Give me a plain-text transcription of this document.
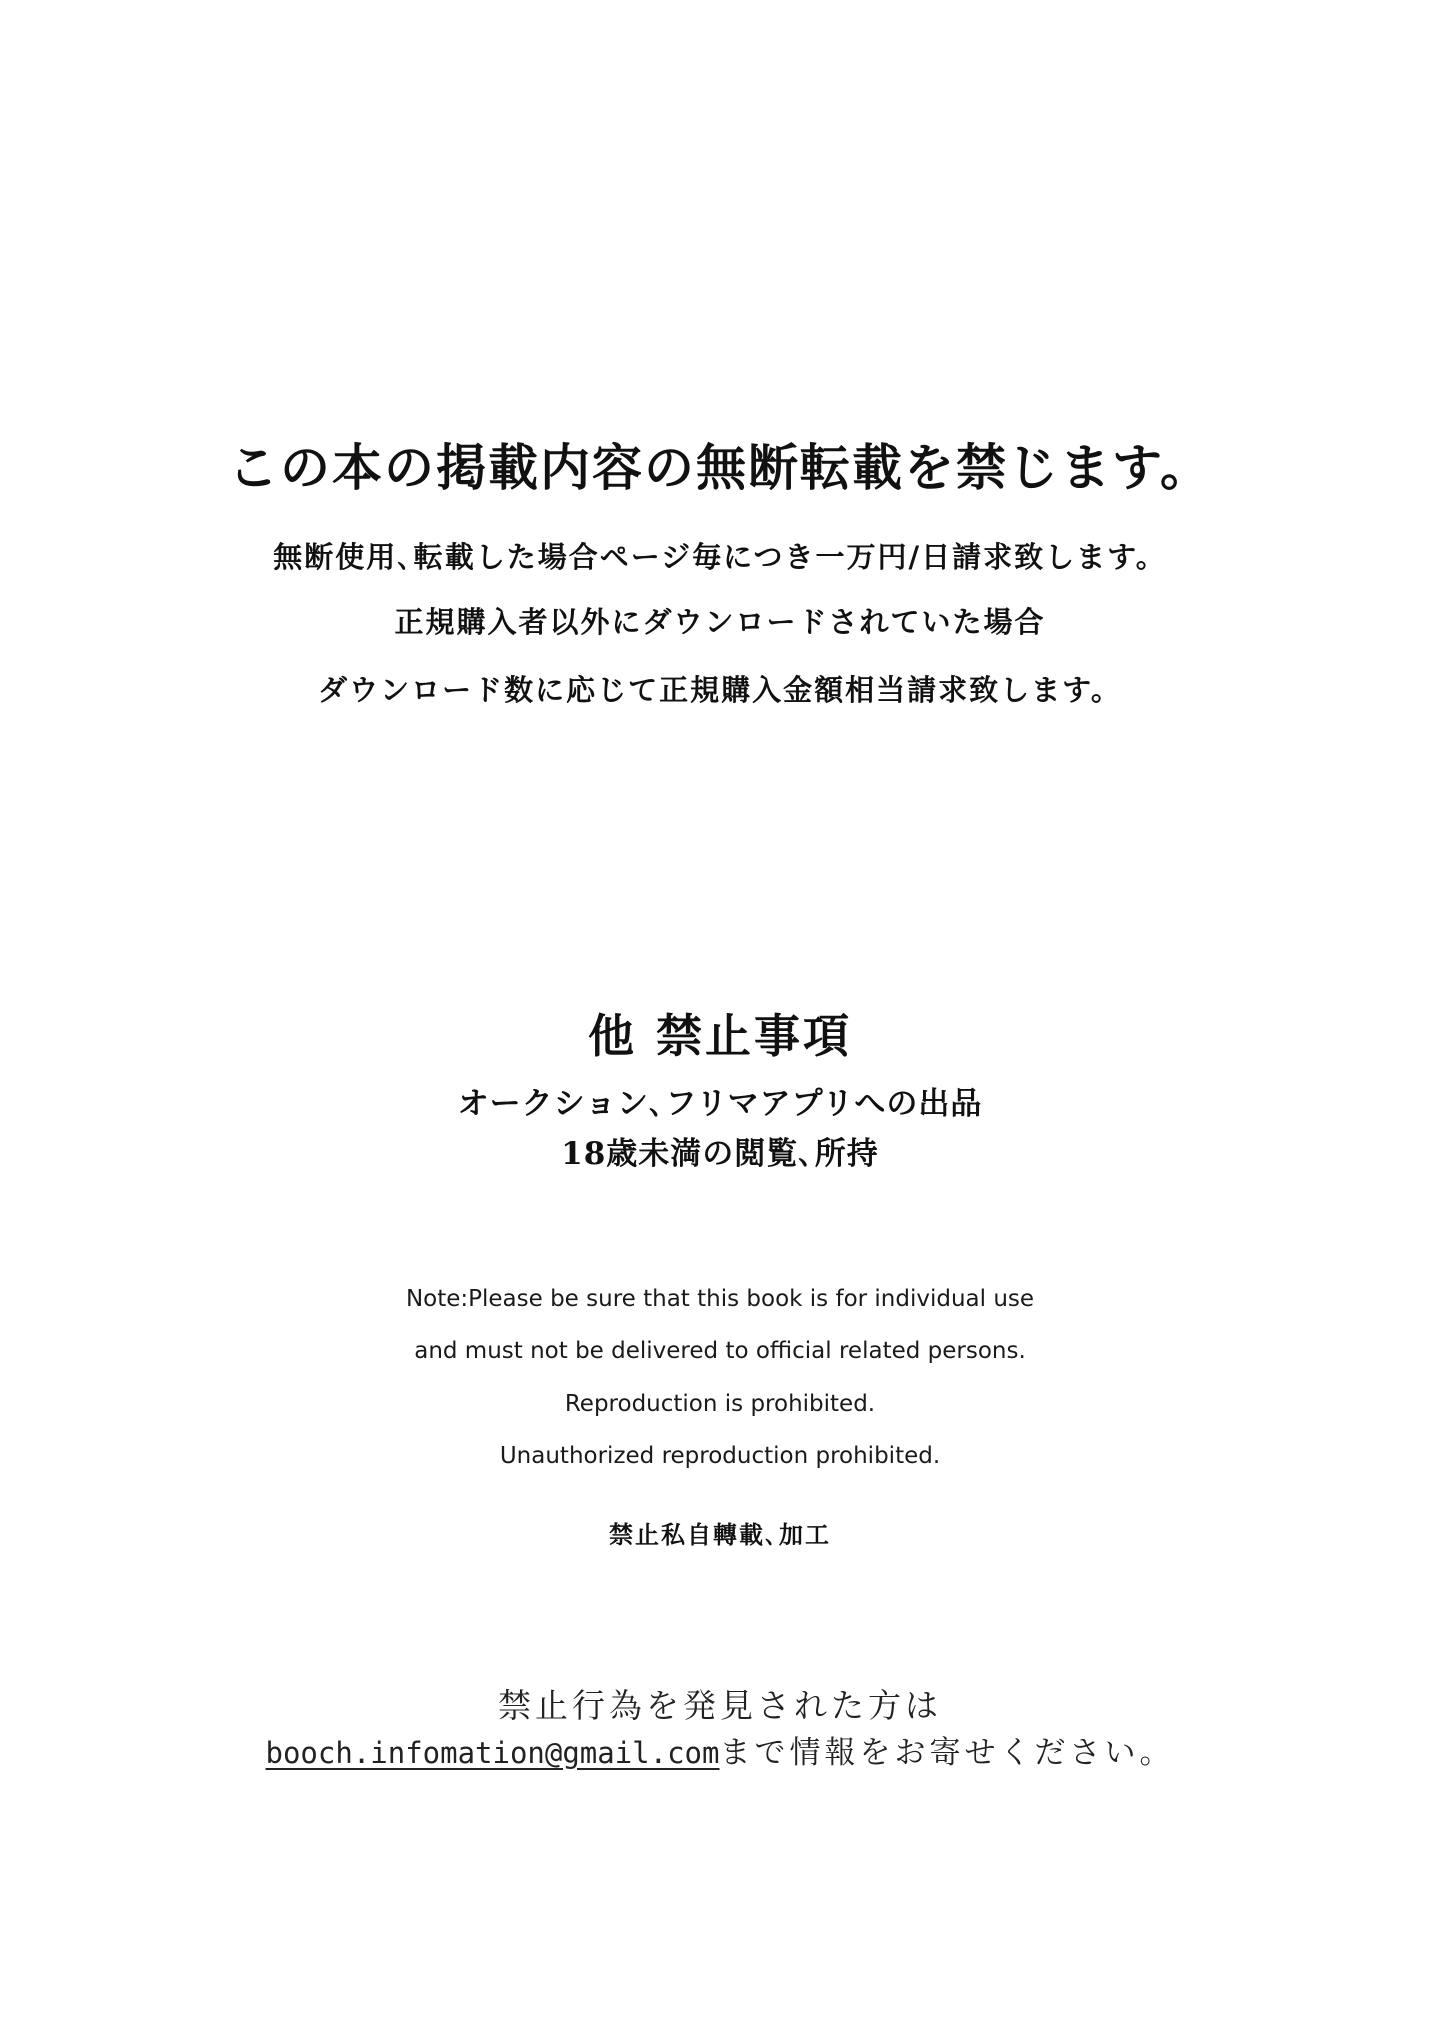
この本の掲載内容の無断転載を禁じます。

無断使用､転載した場合ページ毎につき一万円/日請求致します。

正規購入者以外にダウンロードされていた場合

ダウンロード数に応じて正規購入金額相当請求致します。

他 禁止事項

オークション､フリマアプリへの出品

18歳未満の閲覧､所持

Note:Please be sure that this book is for individual use

and must not be delivered to official related persons.

Reproduction is prohibited.

Unauthorized reproduction prohibited.

禁止私自轉載､加工

禁止行為を発見された方は

booch.infomation@gmail.comまで情報をお寄せください。
